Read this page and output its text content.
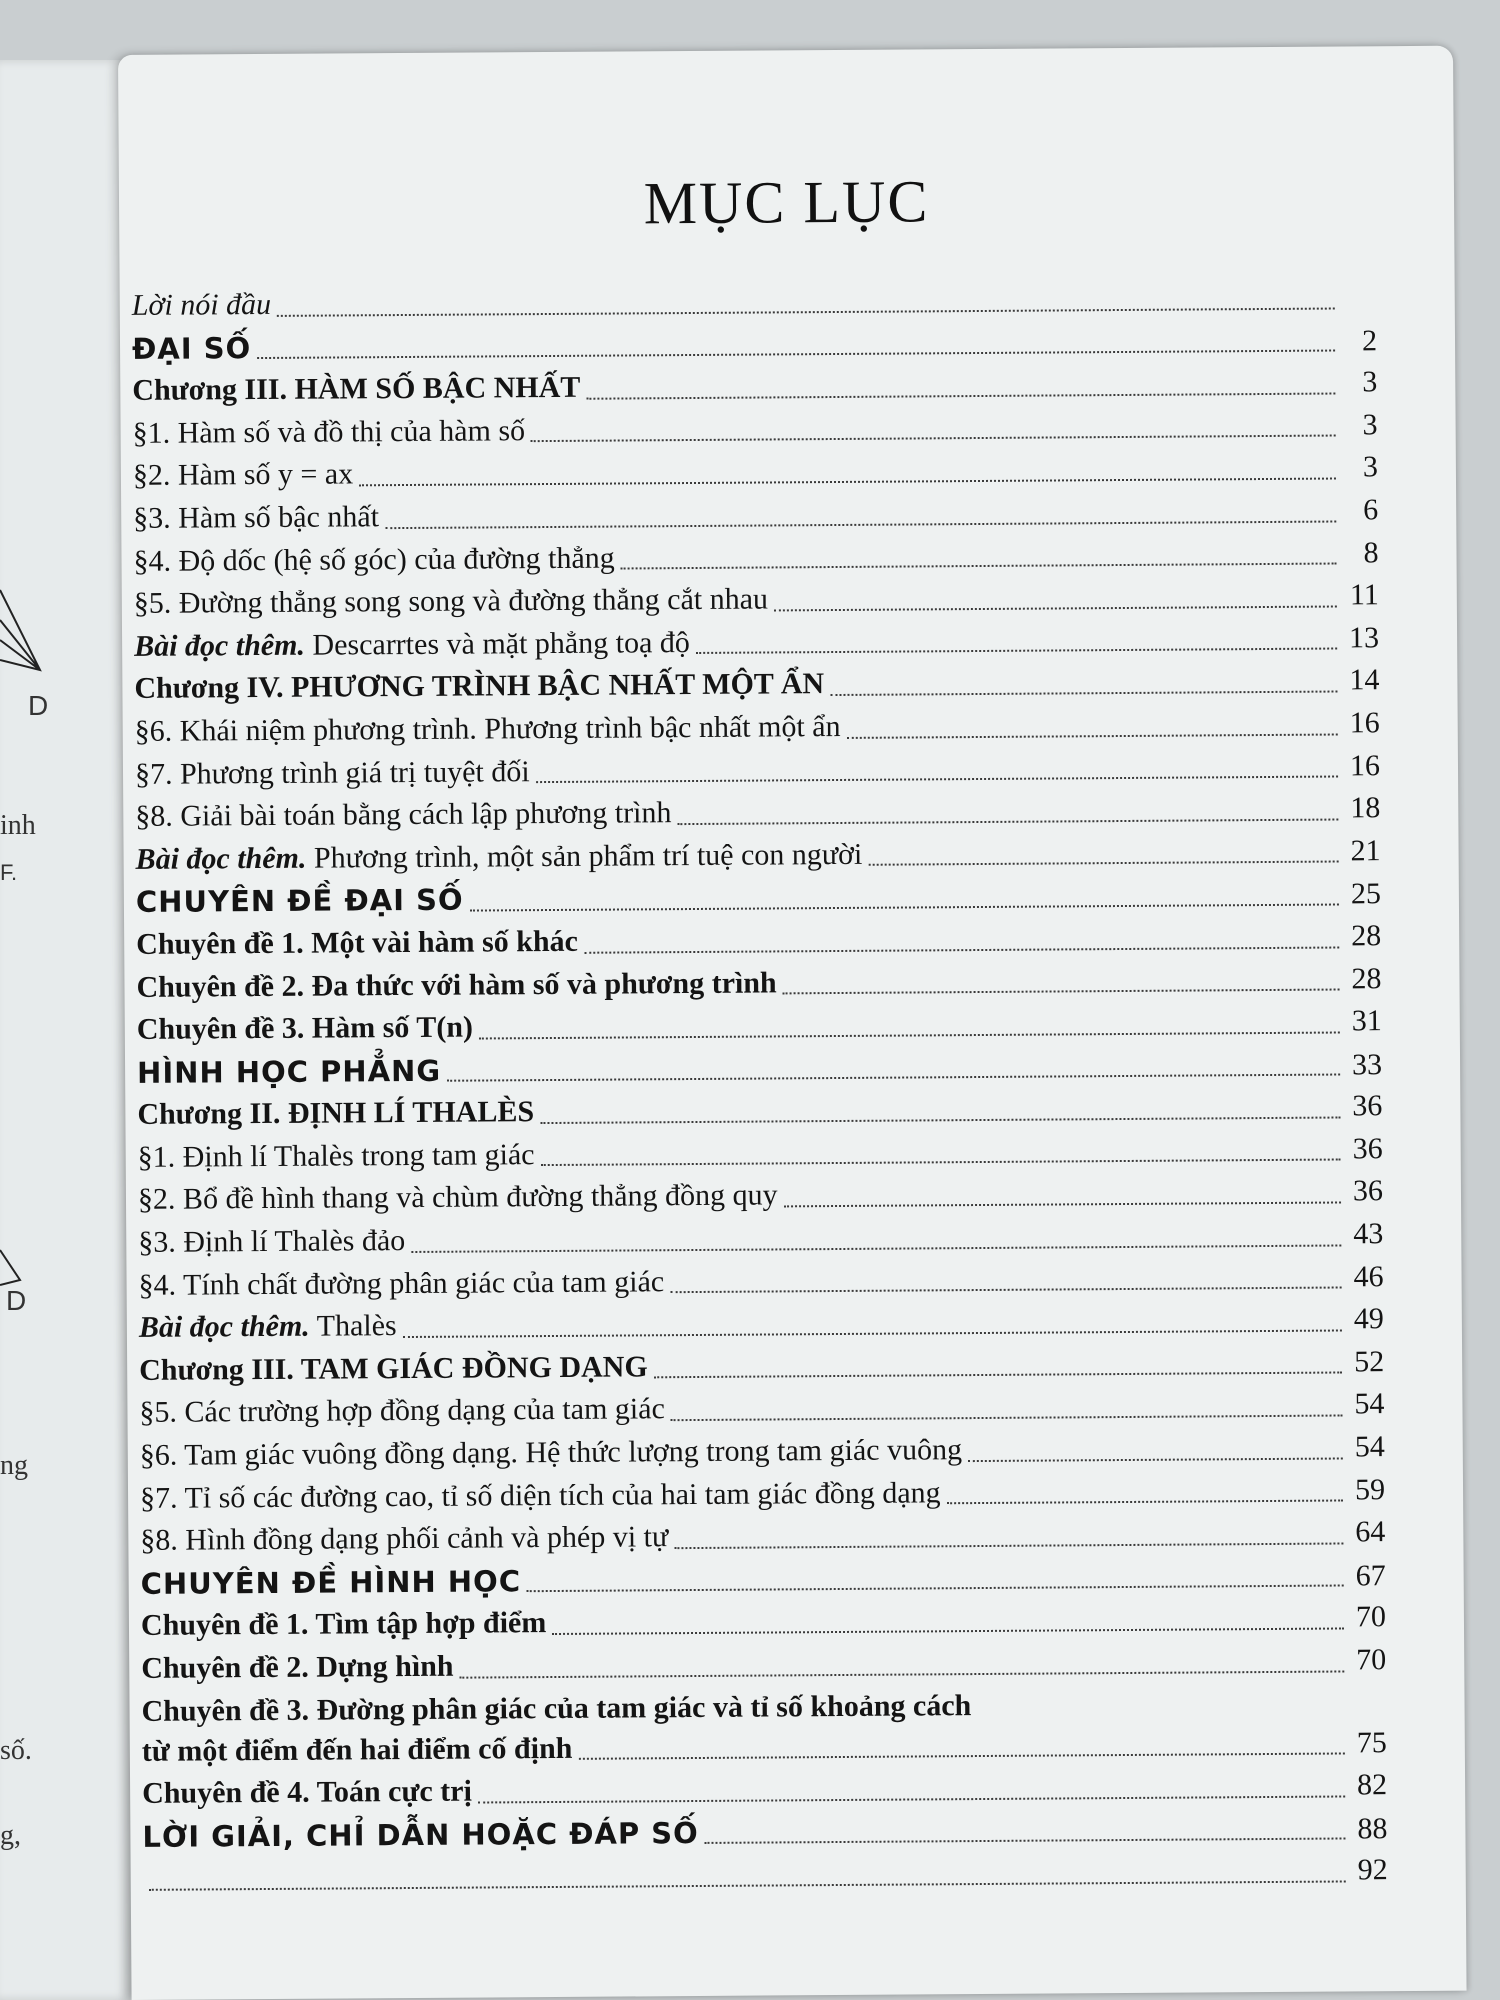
D
inh
F.
D
ng
số.
g,
MỤC LỤC
Lời nói đầu
ĐẠI SỐ	2
Chương III. HÀM SỐ BẬC NHẤT	3
§1. Hàm số và đồ thị của hàm số	3
§2. Hàm số y = ax	3
§3. Hàm số bậc nhất	6
§4. Độ dốc (hệ số góc) của đường thẳng	8
§5. Đường thẳng song song và đường thẳng cắt nhau	11
Bài đọc thêm. Descarrtes và mặt phẳng toạ độ	13
Chương IV. PHƯƠNG TRÌNH BẬC NHẤT MỘT ẨN	14
§6. Khái niệm phương trình. Phương trình bậc nhất một ẩn	16
§7. Phương trình giá trị tuyệt đối	16
§8. Giải bài toán bằng cách lập phương trình	18
Bài đọc thêm. Phương trình, một sản phẩm trí tuệ con người	21
CHUYÊN ĐỀ ĐẠI SỐ	25
Chuyên đề 1. Một vài hàm số khác	28
Chuyên đề 2. Đa thức với hàm số và phương trình	28
Chuyên đề 3. Hàm số T(n)	31
HÌNH HỌC PHẲNG	33
Chương II. ĐỊNH LÍ THALÈS	36
§1. Định lí Thalès trong tam giác	36
§2. Bổ đề hình thang và chùm đường thẳng đồng quy	36
§3. Định lí Thalès đảo	43
§4. Tính chất đường phân giác của tam giác	46
Bài đọc thêm. Thalès	49
Chương III. TAM GIÁC ĐỒNG DẠNG	52
§5. Các trường hợp đồng dạng của tam giác	54
§6. Tam giác vuông đồng dạng. Hệ thức lượng trong tam giác vuông	54
§7. Tỉ số các đường cao, tỉ số diện tích của hai tam giác đồng dạng	59
§8. Hình đồng dạng phối cảnh và phép vị tự	64
CHUYÊN ĐỀ HÌNH HỌC	67
Chuyên đề 1. Tìm tập hợp điểm	70
Chuyên đề 2. Dựng hình	70
Chuyên đề 3. Đường phân giác của tam giác và tỉ số khoảng cách
từ một điểm đến hai điểm cố định	75
Chuyên đề 4. Toán cực trị	82
LỜI GIẢI, CHỈ DẪN HOẶC ĐÁP SỐ	88
92
